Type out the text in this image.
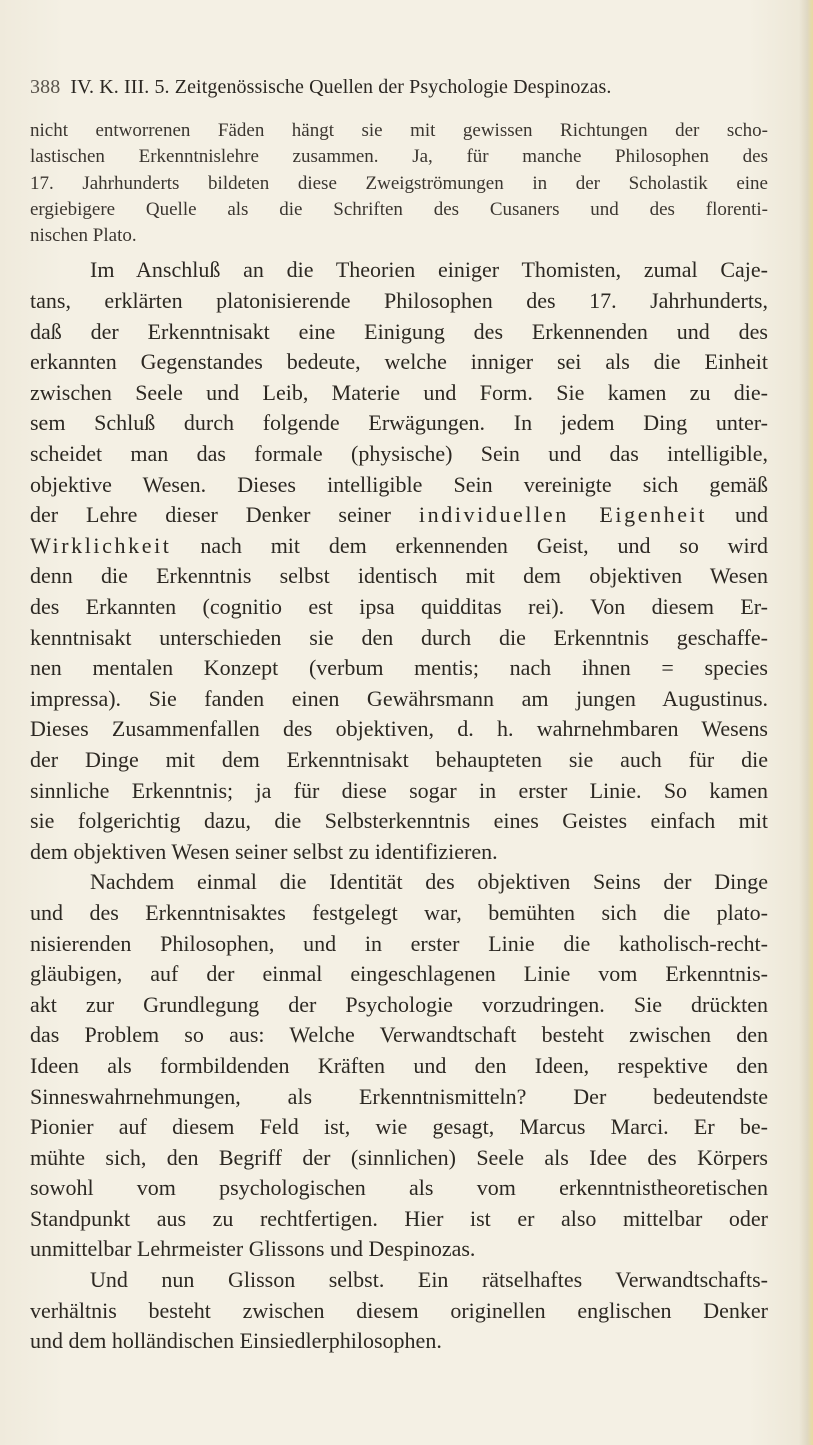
388 IV. K. III. 5. Zeitgenössische Quellen der Psychologie Despinozas.
nicht entworrenen Fäden hängt sie mit gewissen Richtungen der scho-
lastischen Erkenntnislehre zusammen. Ja, für manche Philosophen des
17. Jahrhunderts bildeten diese Zweigströmungen in der Scholastik eine
ergiebigere Quelle als die Schriften des Cusaners und des florenti-
nischen Plato.
Im Anschluß an die Theorien einiger Thomisten, zumal Caje-
tans, erklärten platonisierende Philosophen des 17. Jahrhunderts,
daß der Erkenntnisakt eine Einigung des Erkennenden und des
erkannten Gegenstandes bedeute, welche inniger sei als die Einheit
zwischen Seele und Leib, Materie und Form. Sie kamen zu die-
sem Schluß durch folgende Erwägungen. In jedem Ding unter-
scheidet man das formale (physische) Sein und das intelligible,
objektive Wesen. Dieses intelligible Sein vereinigte sich gemäß
der Lehre dieser Denker seiner individuellen Eigenheit und
Wirklichkeit nach mit dem erkennenden Geist, und so wird
denn die Erkenntnis selbst identisch mit dem objektiven Wesen
des Erkannten (cognitio est ipsa quidditas rei). Von diesem Er-
kenntnisakt unterschieden sie den durch die Erkenntnis geschaffe-
nen mentalen Konzept (verbum mentis; nach ihnen = species
impressa). Sie fanden einen Gewährsmann am jungen Augustinus.
Dieses Zusammenfallen des objektiven, d. h. wahrnehmbaren Wesens
der Dinge mit dem Erkenntnisakt behaupteten sie auch für die
sinnliche Erkenntnis; ja für diese sogar in erster Linie. So kamen
sie folgerichtig dazu, die Selbsterkenntnis eines Geistes einfach mit
dem objektiven Wesen seiner selbst zu identifizieren.
Nachdem einmal die Identität des objektiven Seins der Dinge
und des Erkenntnisaktes festgelegt war, bemühten sich die plato-
nisierenden Philosophen, und in erster Linie die katholisch-recht-
gläubigen, auf der einmal eingeschlagenen Linie vom Erkenntnis-
akt zur Grundlegung der Psychologie vorzudringen. Sie drückten
das Problem so aus: Welche Verwandtschaft besteht zwischen den
Ideen als formbildenden Kräften und den Ideen, respektive den
Sinneswahrnehmungen, als Erkenntnismitteln? Der bedeutendste
Pionier auf diesem Feld ist, wie gesagt, Marcus Marci. Er be-
mühte sich, den Begriff der (sinnlichen) Seele als Idee des Körpers
sowohl vom psychologischen als vom erkenntnistheoretischen
Standpunkt aus zu rechtfertigen. Hier ist er also mittelbar oder
unmittelbar Lehrmeister Glissons und Despinozas.
Und nun Glisson selbst. Ein rätselhaftes Verwandtschafts-
verhältnis besteht zwischen diesem originellen englischen Denker
und dem holländischen Einsiedlerphilosophen.
